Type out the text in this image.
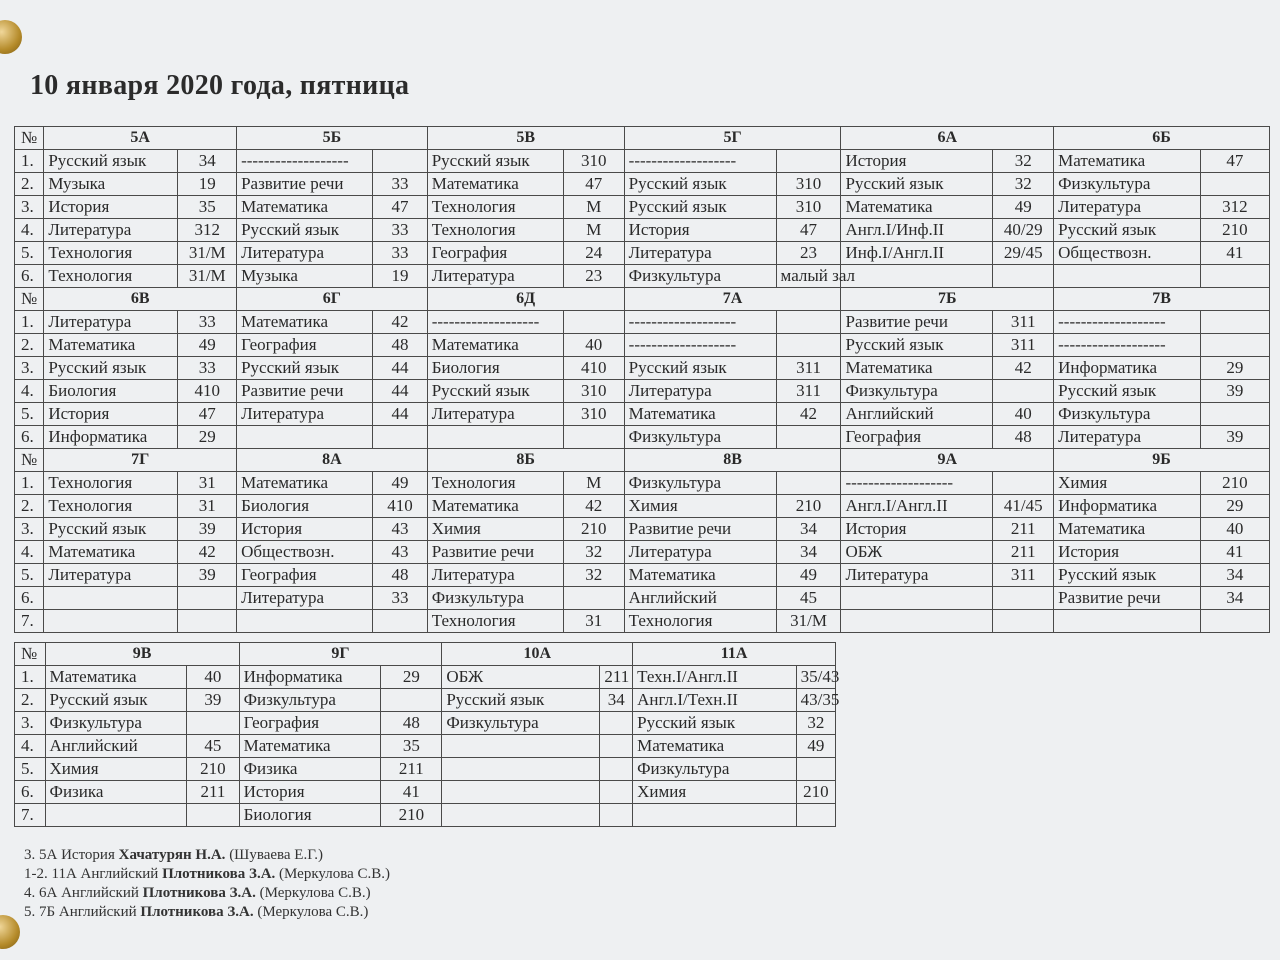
10 января 2020 года, пятница
№	5А		5Б		5В		5Г		6А		6Б	
1.	Русский язык	34	-------------------		Русский язык	310	-------------------		История	32	Математика	47
2.	Музыка	19	Развитие речи	33	Математика	47	Русский язык	310	Русский язык	32	Физкультура	
3.	История	35	Математика	47	Технология	М	Русский язык	310	Математика	49	Литература	312
4.	Литература	312	Русский язык	33	Технология	М	История	47	Англ.I/Инф.II	40/29	Русский язык	210
5.	Технология	31/М	Литература	33	География	24	Литература	23	Инф.I/Англ.II	29/45	Обществозн.	41
6.	Технология	31/М	Музыка	19	Литература	23	Физкультура	малый зал				
№	6В		6Г		6Д		7А		7Б		7В	
1.	Литература	33	Математика	42	-------------------		-------------------		Развитие речи	311	-------------------	
2.	Математика	49	География	48	Математика	40	-------------------		Русский язык	311	-------------------	
3.	Русский язык	33	Русский язык	44	Биология	410	Русский язык	311	Математика	42	Информатика	29
4.	Биология	410	Развитие речи	44	Русский язык	310	Литература	311	Физкультура		Русский язык	39
5.	История	47	Литература	44	Литература	310	Математика	42	Английский	40	Физкультура	
6.	Информатика	29					Физкультура		География	48	Литература	39
№	7Г		8А		8Б		8В		9А		9Б	
1.	Технология	31	Математика	49	Технология	М	Физкультура		-------------------		Химия	210
2.	Технология	31	Биология	410	Математика	42	Химия	210	Англ.I/Англ.II	41/45	Информатика	29
3.	Русский язык	39	История	43	Химия	210	Развитие речи	34	История	211	Математика	40
4.	Математика	42	Обществозн.	43	Развитие речи	32	Литература	34	ОБЖ	211	История	41
5.	Литература	39	География	48	Литература	32	Математика	49	Литература	311	Русский язык	34
6.			Литература	33	Физкультура		Английский	45			Развитие речи	34
7.					Технология	31	Технология	31/М				
№	9В		9Г		10А		11А	
1.	Математика	40	Информатика	29	ОБЖ	211	Техн.I/Англ.II	35/43
2.	Русский язык	39	Физкультура		Русский язык	34	Англ.I/Техн.II	43/35
3.	Физкультура		География	48	Физкультура		Русский язык	32
4.	Английский	45	Математика	35			Математика	49
5.	Химия	210	Физика	211			Физкультура	
6.	Физика	211	История	41			Химия	210
7.			Биология	210				
3. 5А История Хачатурян Н.А. (Шуваева Е.Г.)
1-2. 11А Английский Плотникова З.А. (Меркулова С.В.)
4. 6А Английский Плотникова З.А. (Меркулова С.В.)
5. 7Б Английский Плотникова З.А. (Меркулова С.В.)
